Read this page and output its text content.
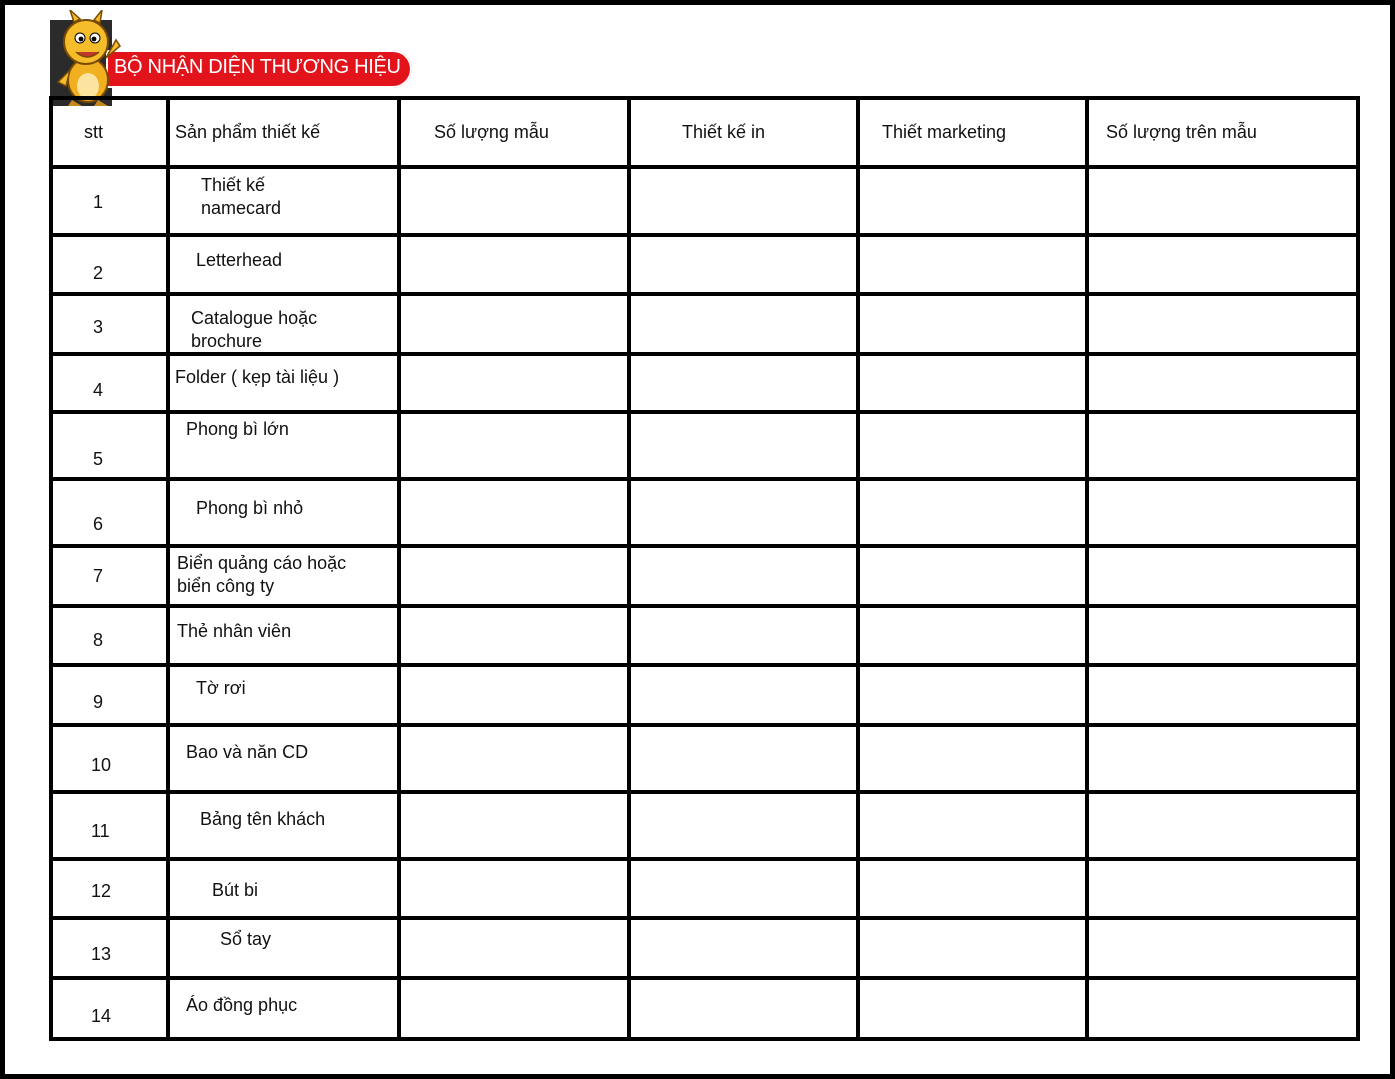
BỘ NHẬN DIỆN THƯƠNG HIỆU
stt	Sản phẩm thiết kế	Số lượng mẫu	Thiết kế in	Thiết marketing	Số lượng trên mẫu

1	Thiết kế
namecard				

2	Letterhead				

3	Catalogue hoặc
brochure				

4	Folder ( kẹp tài liệu )				

5	Phong bì lớn				

6	Phong bì nhỏ				

7	Biển quảng cáo hoặc
biển công ty				

8	Thẻ nhân viên				

9	Tờ rơi				

10	Bao và năn CD				

11	Bảng tên khách				

12	Bút bi				

13	Sổ tay				

14	Áo đồng phục				
